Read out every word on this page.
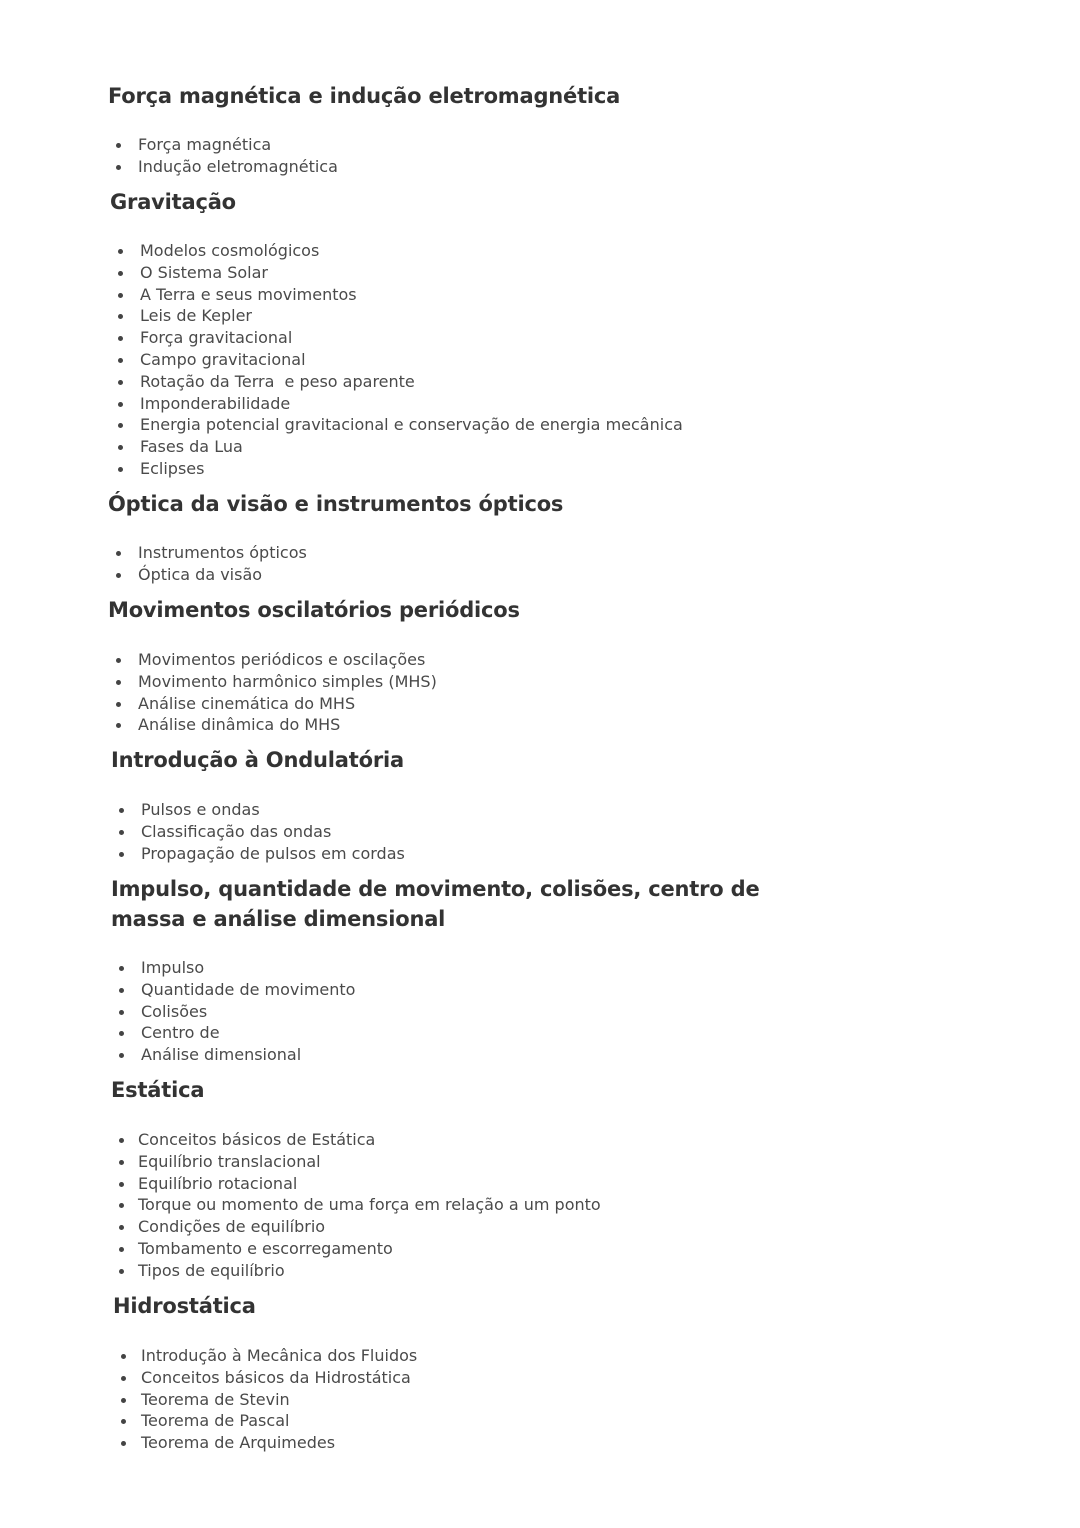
Força magnética e indução eletromagnética
Força magnética
Indução eletromagnética
Gravitação
Modelos cosmológicos
O Sistema Solar
A Terra e seus movimentos
Leis de Kepler
Força gravitacional
Campo gravitacional
Rotação da Terra  e peso aparente
Imponderabilidade
Energia potencial gravitacional e conservação de energia mecânica
Fases da Lua
Eclipses
Óptica da visão e instrumentos ópticos
Instrumentos ópticos
Óptica da visão
Movimentos oscilatórios periódicos
Movimentos periódicos e oscilações
Movimento harmônico simples (MHS)
Análise cinemática do MHS
Análise dinâmica do MHS
Introdução à Ondulatória
Pulsos e ondas
Classificação das ondas
Propagação de pulsos em cordas
Impulso, quantidade de movimento, colisões, centro de massa e análise dimensional
Impulso
Quantidade de movimento
Colisões
Centro de
Análise dimensional
Estática
Conceitos básicos de Estática
Equilíbrio translacional
Equilíbrio rotacional
Torque ou momento de uma força em relação a um ponto
Condições de equilíbrio
Tombamento e escorregamento
Tipos de equilíbrio
Hidrostática
Introdução à Mecânica dos Fluidos
Conceitos básicos da Hidrostática
Teorema de Stevin
Teorema de Pascal
Teorema de Arquimedes
